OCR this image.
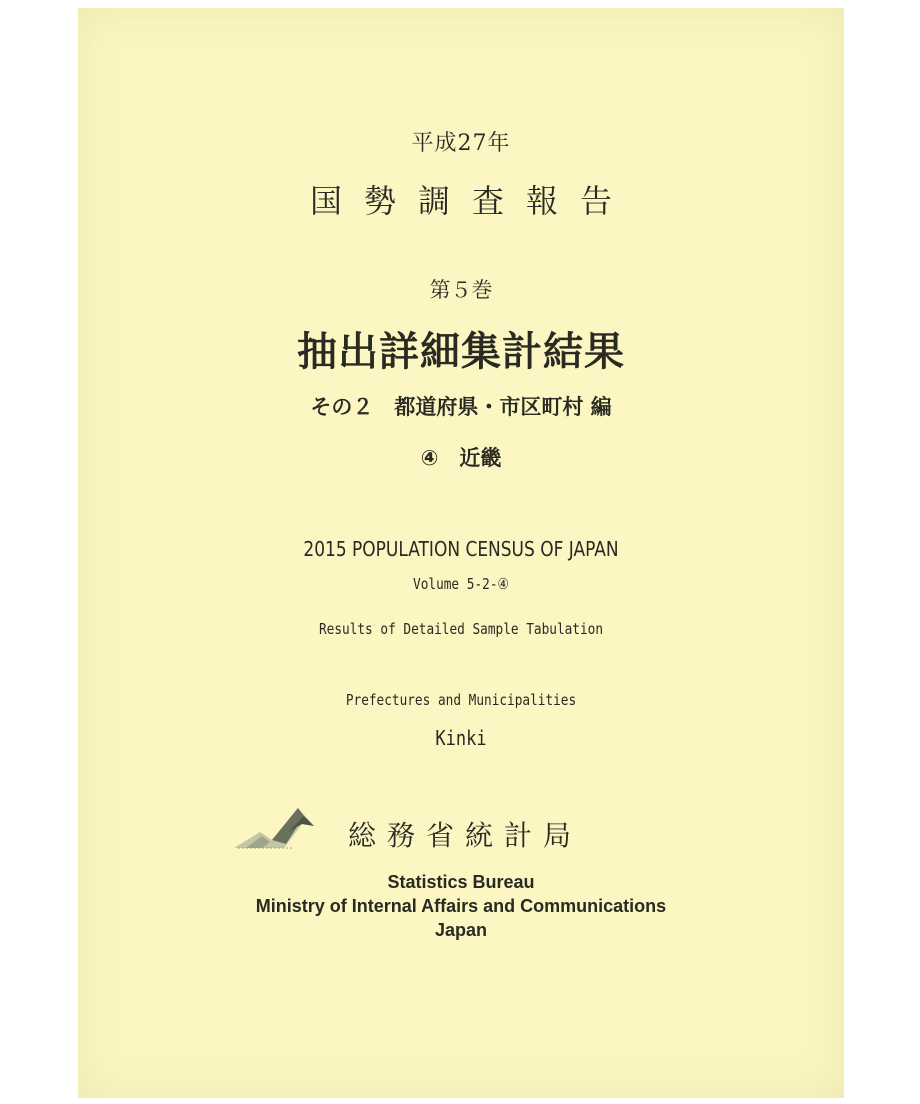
平成27年
国勢調査報告
第５巻
抽出詳細集計結果
その２　都道府県・市区町村 編
④　近畿
2015 POPULATION CENSUS OF JAPAN
Volume 5-2-④
Results of Detailed Sample Tabulation
Prefectures and Municipalities
Kinki
総務省統計局
Statistics Bureau
Ministry of Internal Affairs and Communications
Japan
